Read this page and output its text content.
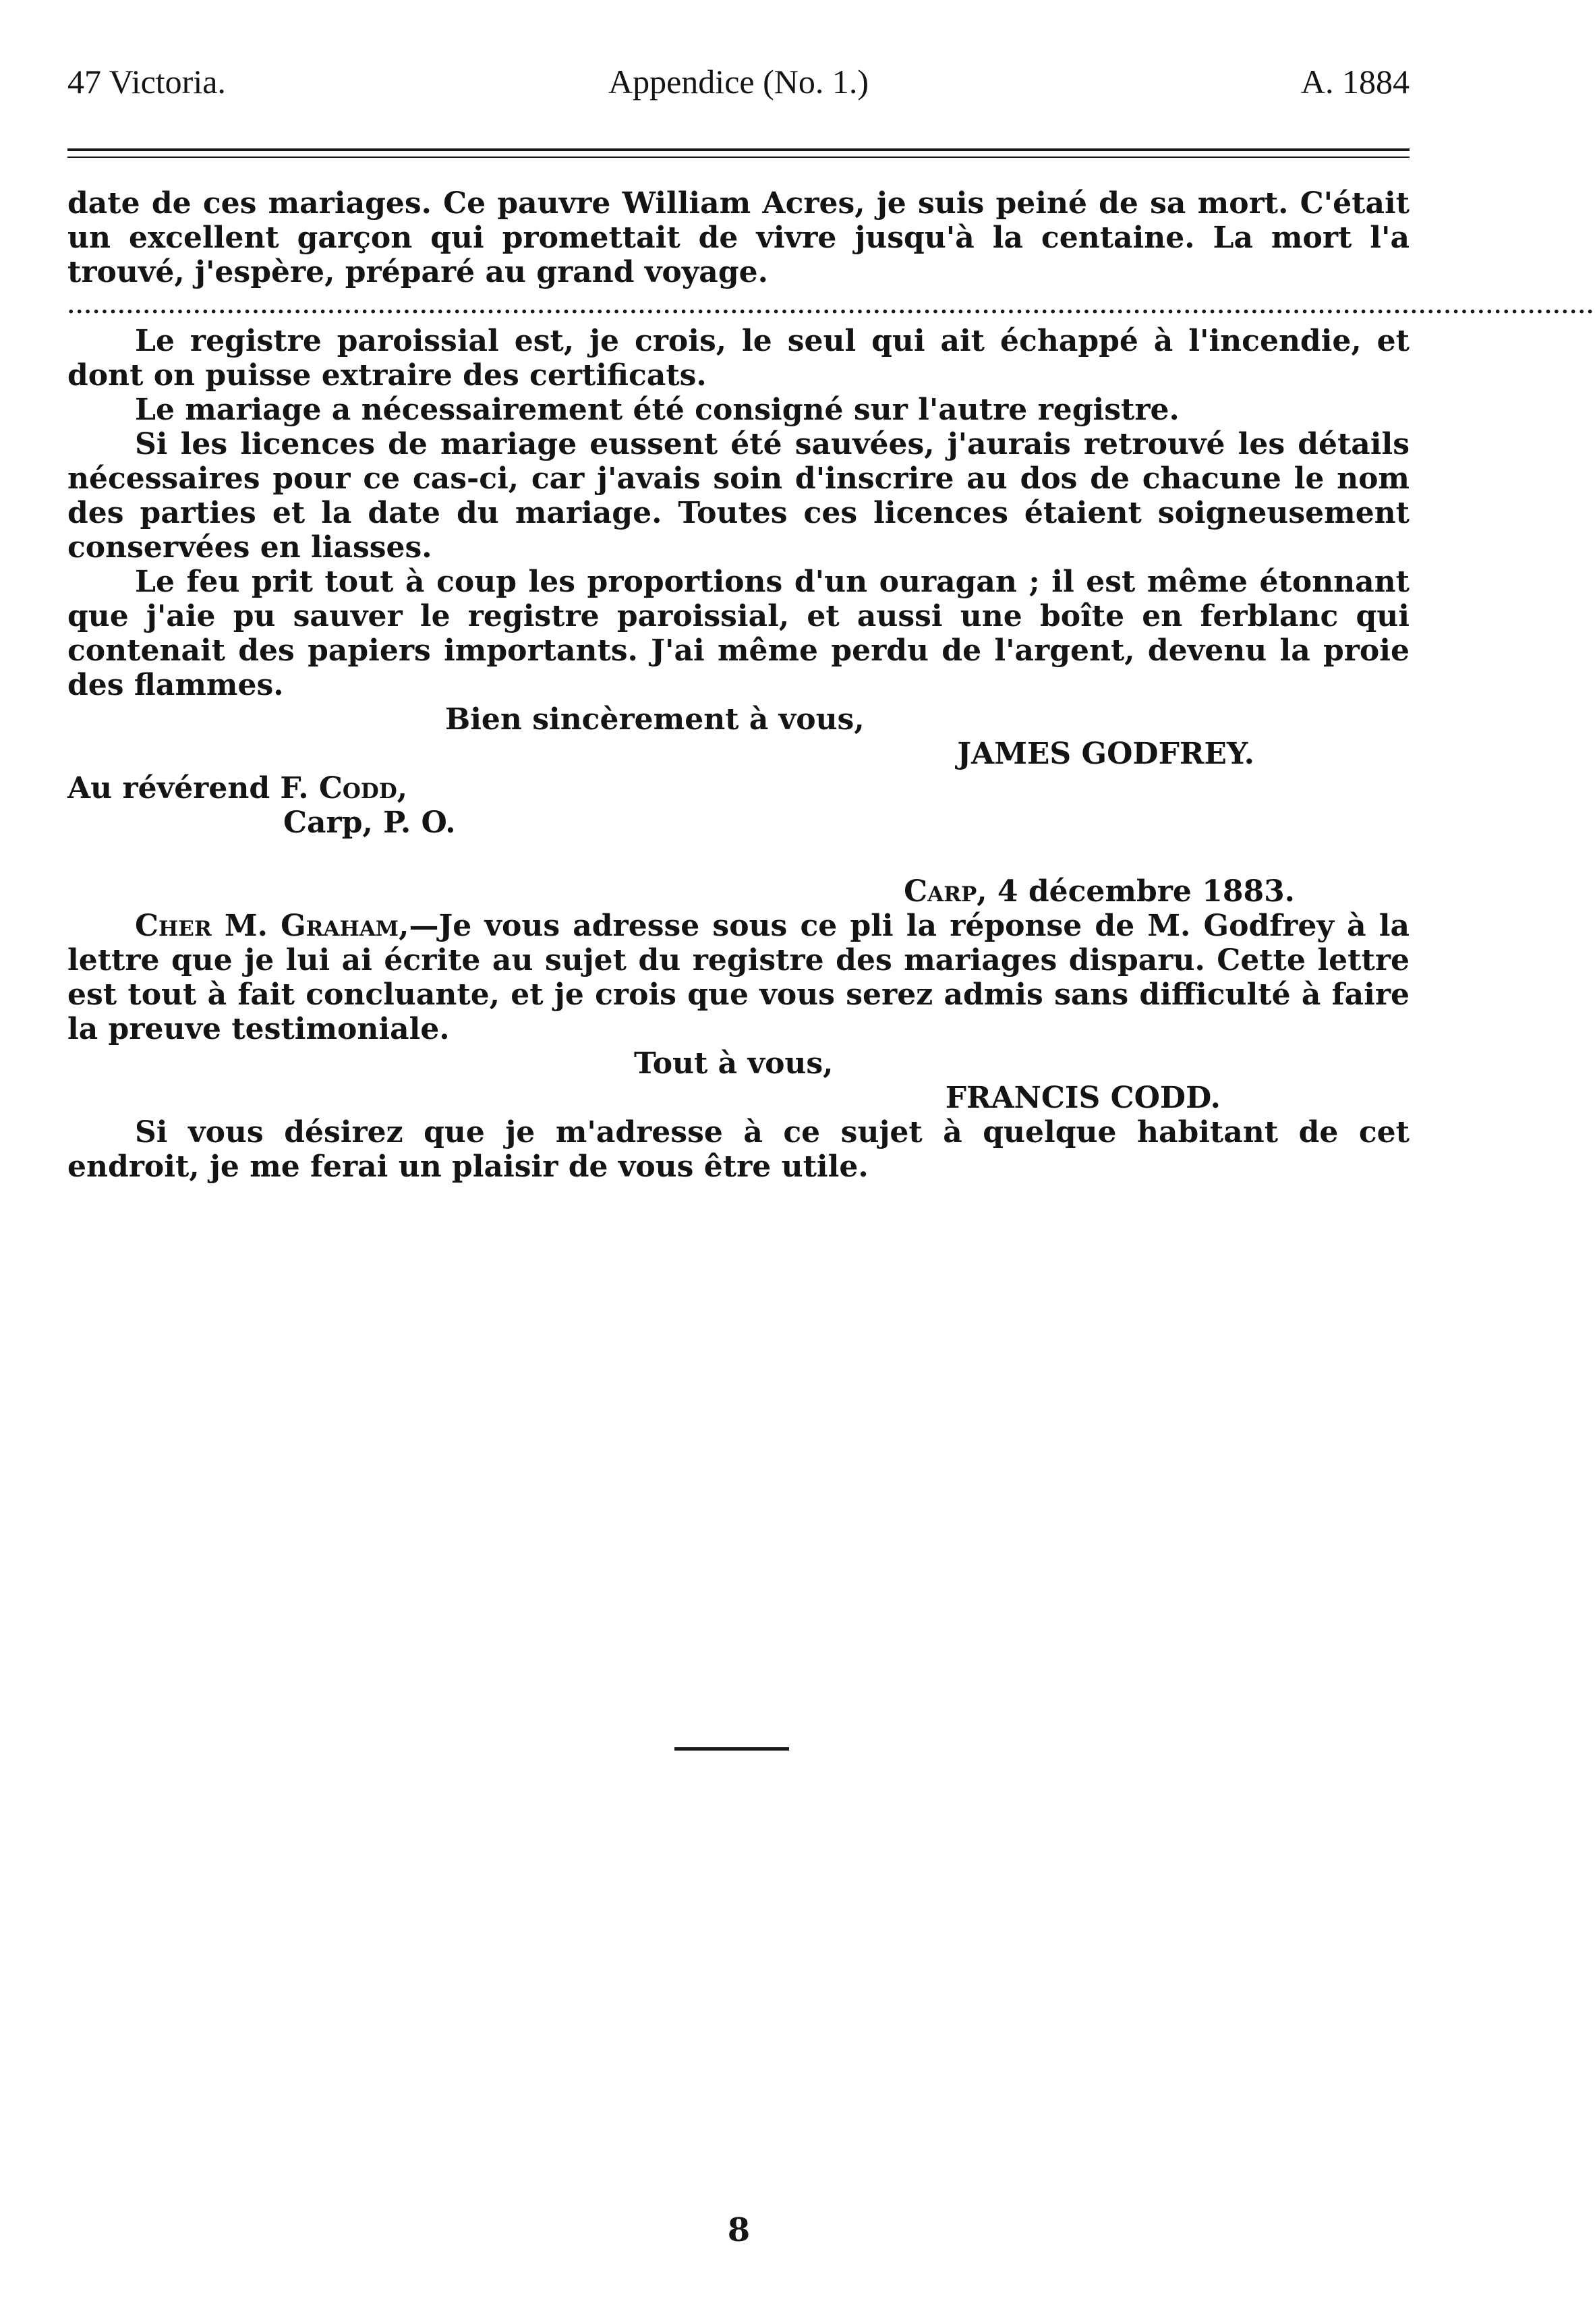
47 Victoria.	Appendice (No. 1.)	A. 1884

date de ces mariages. Ce pauvre William Acres, je suis peiné de sa mort. C'était un excellent garçon qui promettait de vivre jusqu'à la centaine. La mort l'a trouvé, j'espère, préparé au grand voyage.

......................................................................................................................................................................................

Le registre paroissial est, je crois, le seul qui ait échappé à l'incendie, et dont on puisse extraire des certificats.

Le mariage a nécessairement été consigné sur l'autre registre.

Si les licences de mariage eussent été sauvées, j'aurais retrouvé les détails nécessaires pour ce cas-ci, car j'avais soin d'inscrire au dos de chacune le nom des parties et la date du mariage. Toutes ces licences étaient soigneusement conservées en liasses.

Le feu prit tout à coup les proportions d'un ouragan ; il est même étonnant que j'aie pu sauver le registre paroissial, et aussi une boîte en ferblanc qui contenait des papiers importants. J'ai même perdu de l'argent, devenu la proie des flammes.

Bien sincèrement à vous,

JAMES GODFREY.

Au révérend F. Codd,

Carp, P. O.

Carp, 4 décembre 1883.

Cher M. Graham,—Je vous adresse sous ce pli la réponse de M. Godfrey à la lettre que je lui ai écrite au sujet du registre des mariages disparu. Cette lettre est tout à fait concluante, et je crois que vous serez admis sans difficulté à faire la preuve testimoniale.

Tout à vous,

FRANCIS CODD.

Si vous désirez que je m'adresse à ce sujet à quelque habitant de cet endroit, je me ferai un plaisir de vous être utile.

8
